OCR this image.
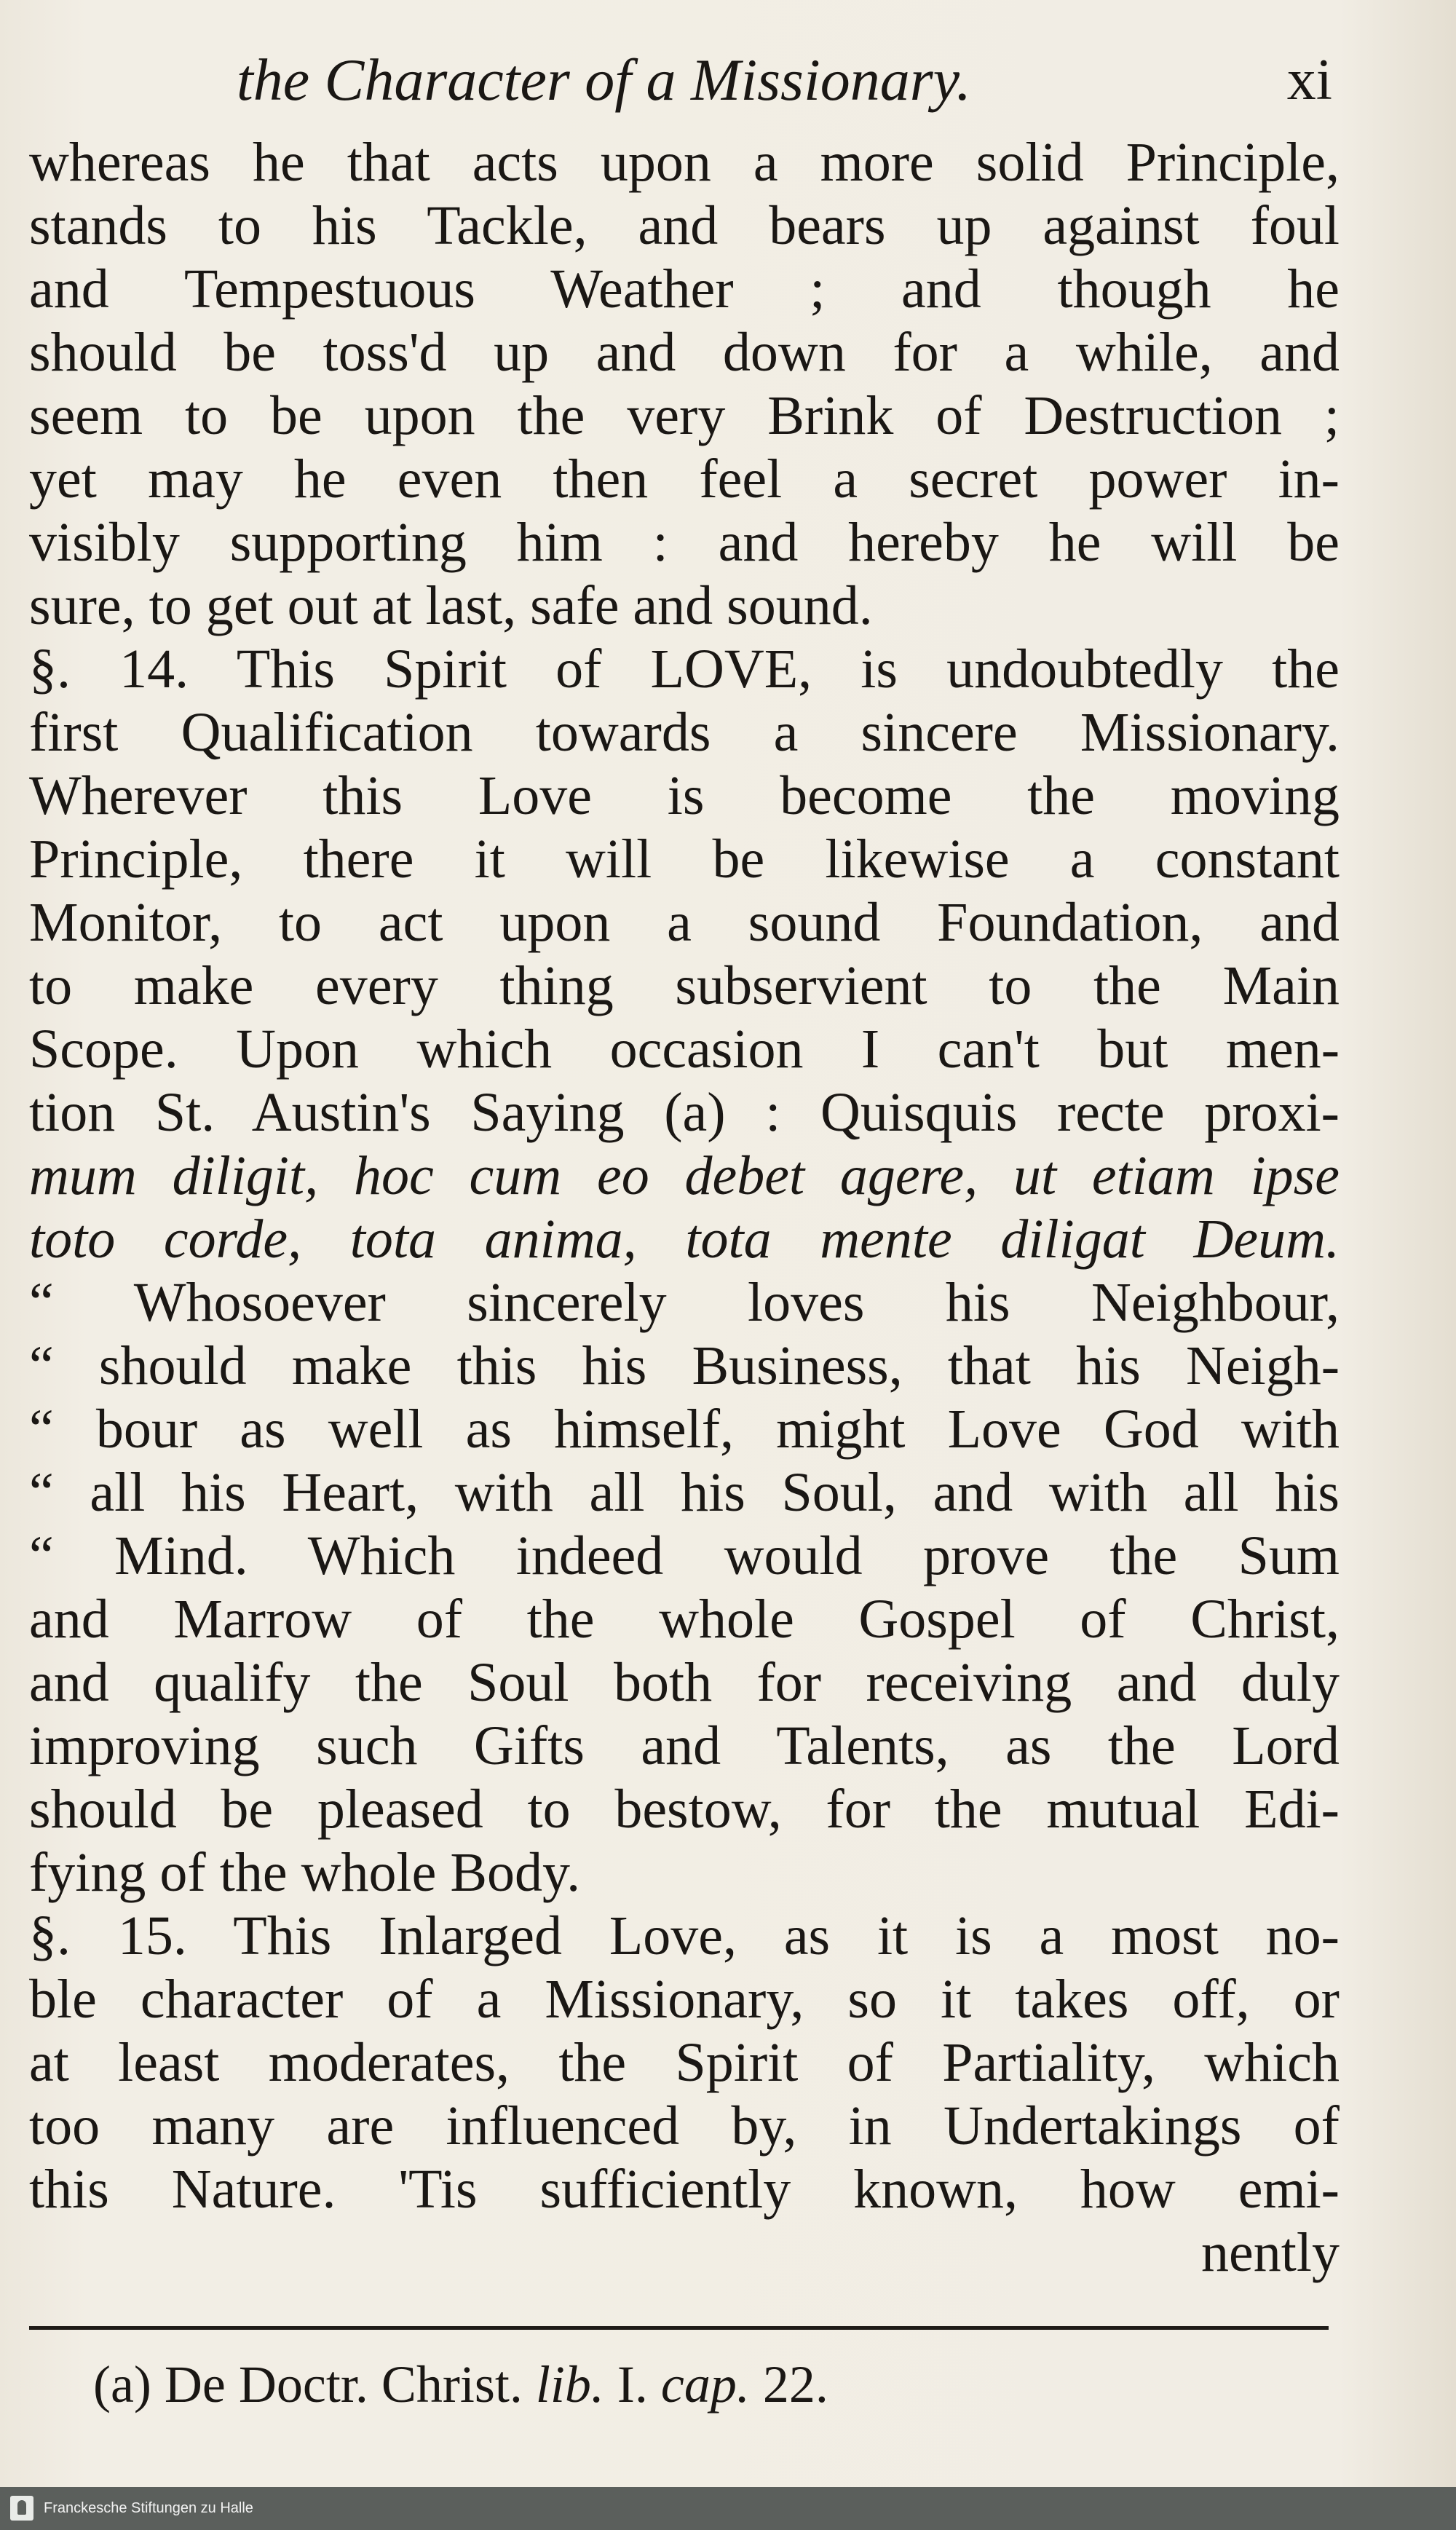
the Character of a Missionary.	xi
whereas he that acts upon a more solid Principle,
stands to his Tackle, and bears up against foul
and Tempestuous Weather ; and though he
should be toss'd up and down for a while, and
seem to be upon the very Brink of Destruction ;
yet may he even then feel a secret power in-
visibly supporting him : and hereby he will be
sure, to get out at last, safe and sound.
§. 14. This Spirit of LOVE, is undoubtedly the
first Qualification towards a sincere Missionary.
Wherever this Love is become the moving
Principle, there it will be likewise a constant
Monitor, to act upon a sound Foundation, and
to make every thing subservient to the Main
Scope. Upon which occasion I can't but men-
tion St. Austin's Saying (a) : Quisquis recte proxi-
mum diligit, hoc cum eo debet agere, ut etiam ipse
toto corde, tota anima, tota mente diligat Deum.
“ Whosoever sincerely loves his Neighbour,
“ should make this his Business, that his Neigh-
“ bour as well as himself, might Love God with
“ all his Heart, with all his Soul, and with all his
“ Mind. Which indeed would prove the Sum
and Marrow of the whole Gospel of Christ,
and qualify the Soul both for receiving and duly
improving such Gifts and Talents, as the Lord
should be pleased to bestow, for the mutual Edi-
fying of the whole Body.
§. 15. This Inlarged Love, as it is a most no-
ble character of a Missionary, so it takes off, or
at least moderates, the Spirit of Partiality, which
too many are influenced by, in Undertakings of
this Nature. 'Tis sufficiently known, how emi-
nently
(a) De Doctr. Christ. lib. I. cap. 22.
Franckesche Stiftungen zu Halle
